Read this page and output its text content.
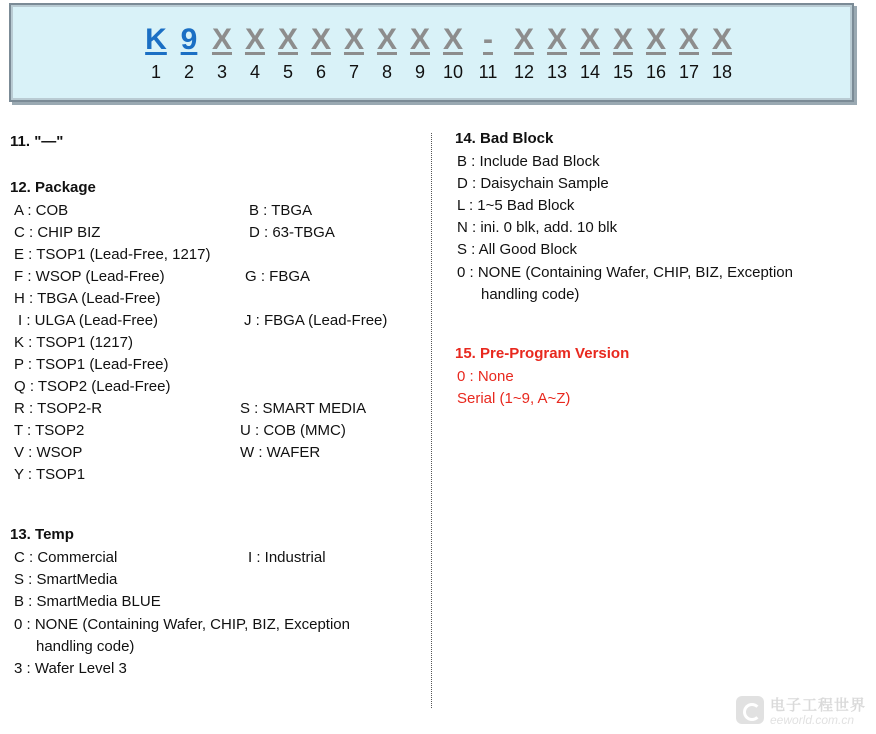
K
1
9
2
X
3
X
4
X
5
X
6
X
7
X
8
X
9
X
10
-
11
X
12
X
13
X
14
X
15
X
16
X
17
X
18
11. "—"
12. Package
A : COB	B : TBGA
C : CHIP BIZ	D : 63-TBGA
E : TSOP1 (Lead-Free, 1217)
F : WSOP (Lead-Free)	G : FBGA
H : TBGA (Lead-Free)
I : ULGA (Lead-Free)	J : FBGA (Lead-Free)
K : TSOP1 (1217)
P : TSOP1 (Lead-Free)
Q : TSOP2 (Lead-Free)
R : TSOP2-R	S : SMART MEDIA
T : TSOP2	U : COB (MMC)
V : WSOP	W : WAFER
Y : TSOP1
13. Temp
C : Commercial	I : Industrial
S : SmartMedia
B : SmartMedia BLUE
0 : NONE (Containing Wafer, CHIP, BIZ, Exception
handling code)
3 : Wafer Level 3
14. Bad Block
B : Include Bad Block
D : Daisychain Sample
L : 1~5 Bad Block
N : ini. 0 blk, add. 10 blk
S : All Good Block
0 : NONE (Containing Wafer, CHIP, BIZ, Exception
handling code)
15. Pre-Program Version
0 : None
Serial (1~9, A~Z)
电子工程世界
eeworld.com.cn
